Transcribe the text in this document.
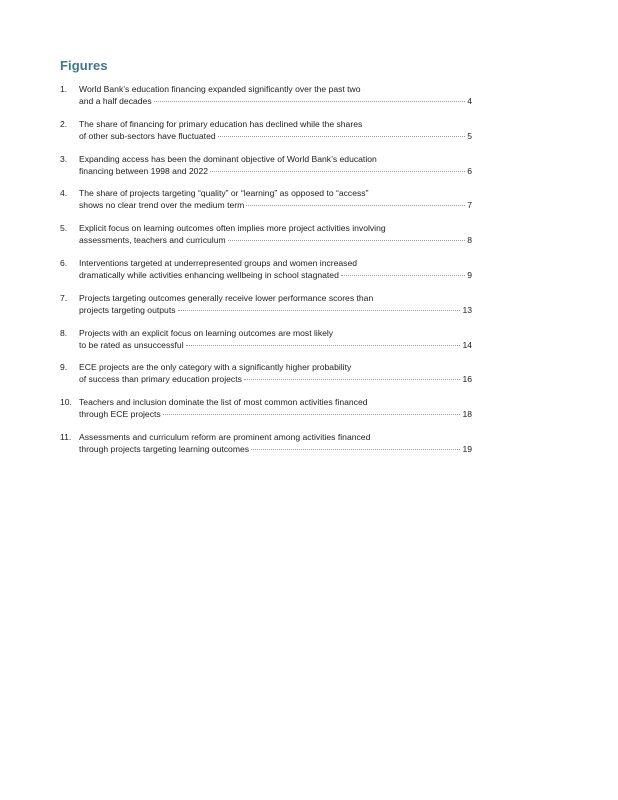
Figures
1.	World Bank’s education financing expanded significantly over the past two
and a half decades	4
2.	The share of financing for primary education has declined while the shares
of other sub-sectors have fluctuated	5
3.	Expanding access has been the dominant objective of World Bank’s education
financing between 1998 and 2022	6
4.	The share of projects targeting “quality” or “learning” as opposed to “access”
shows no clear trend over the medium term	7
5.	Explicit focus on learning outcomes often implies more project activities involving
assessments, teachers and curriculum	8
6.	Interventions targeted at underrepresented groups and women increased
dramatically while activities enhancing wellbeing in school stagnated	9
7.	Projects targeting outcomes generally receive lower performance scores than
projects targeting outputs	13
8.	Projects with an explicit focus on learning outcomes are most likely
to be rated as unsuccessful	14
9.	ECE projects are the only category with a significantly higher probability
of success than primary education projects	16
10. Teachers and inclusion dominate the list of most common activities financed
through ECE projects	18
11. Assessments and curriculum reform are prominent among activities financed
through projects targeting learning outcomes	19
